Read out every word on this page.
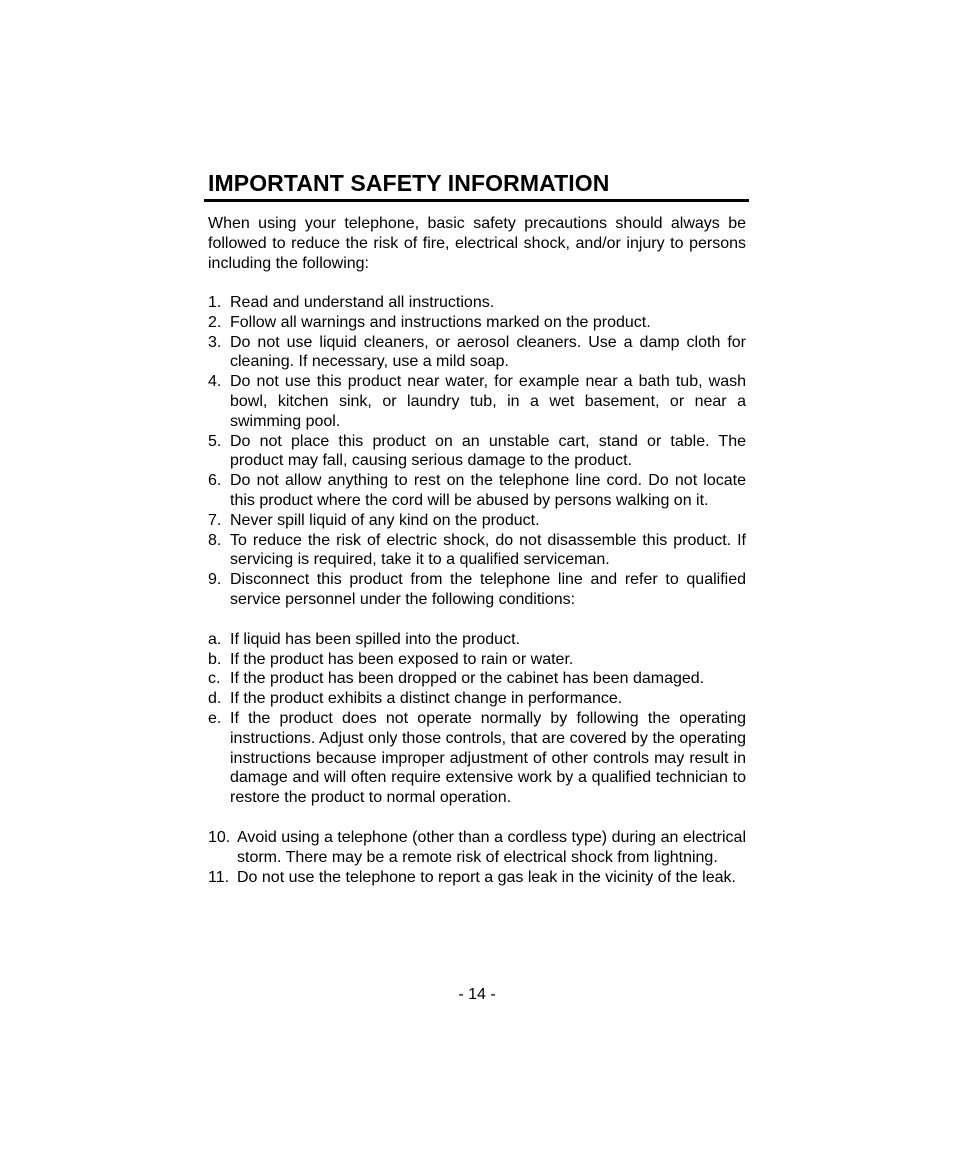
IMPORTANT SAFETY INFORMATION

When using your telephone, basic safety precautions should always be followed to reduce the risk of fire, electrical shock, and/or injury to persons including the following:

1. Read and understand all instructions.
2. Follow all warnings and instructions marked on the product.
3. Do not use liquid cleaners, or aerosol cleaners. Use a damp cloth for cleaning. If necessary, use a mild soap.
4. Do not use this product near water, for example near a bath tub, wash bowl, kitchen sink, or laundry tub, in a wet basement, or near a swimming pool.
5. Do not place this product on an unstable cart, stand or table. The product may fall, causing serious damage to the product.
6. Do not allow anything to rest on the telephone line cord. Do not locate this product where the cord will be abused by persons walking on it.
7. Never spill liquid of any kind on the product.
8. To reduce the risk of electric shock, do not disassemble this product. If servicing is required, take it to a qualified serviceman.
9. Disconnect this product from the telephone line and refer to qualified service personnel under the following conditions:
a. If liquid has been spilled into the product.
b. If the product has been exposed to rain or water.
c. If the product has been dropped or the cabinet has been damaged.
d. If the product exhibits a distinct change in performance.
e. If the product does not operate normally by following the operating instructions. Adjust only those controls, that are covered by the operating instructions because improper adjustment of other controls may result in damage and will often require extensive work by a qualified technician to restore the product to normal operation.
10. Avoid using a telephone (other than a cordless type) during an electrical storm. There may be a remote risk of electrical shock from lightning.
11. Do not use the telephone to report a gas leak in the vicinity of the leak.
- 14 -
